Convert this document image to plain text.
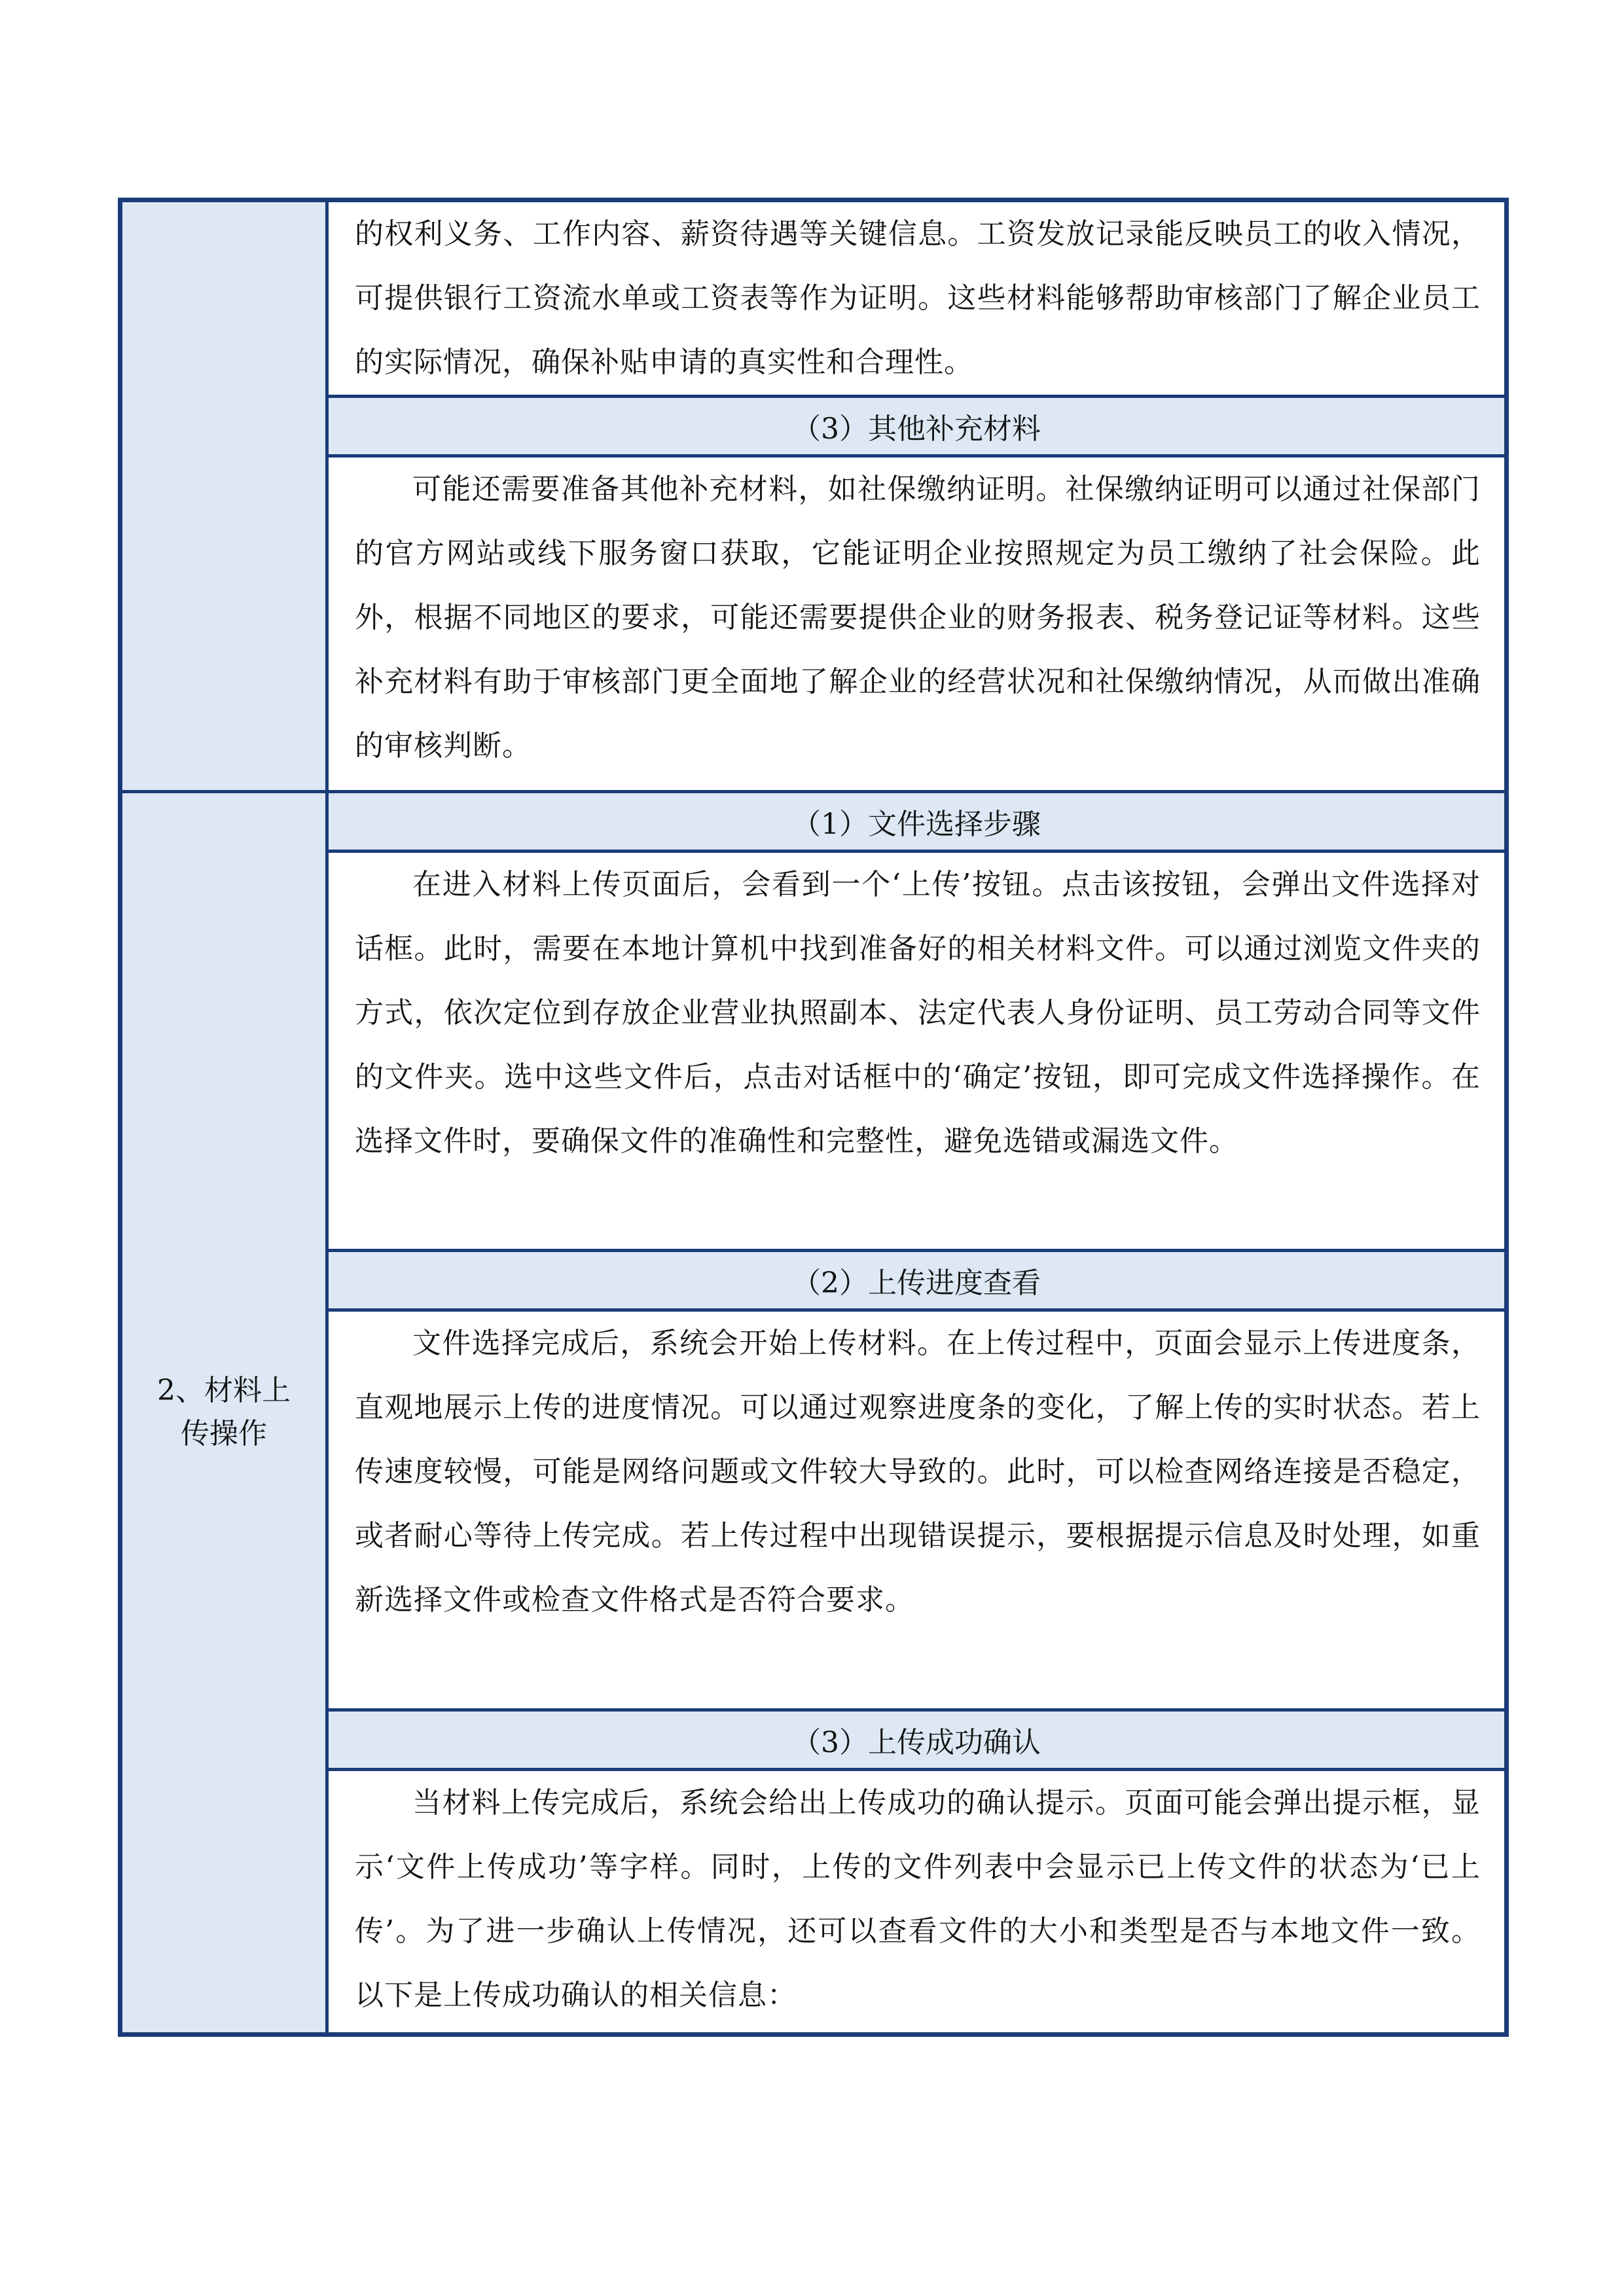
	的权利义务、工作内容、薪资待遇等关键信息。工资发放记录能反映员工的收入情况，可提供银行工资流水单或工资表等作为证明。这些材料能够帮助审核部门了解企业员工的实际情况，确保补贴申请的真实性和合理性。
	（3）其他补充材料
	可能还需要准备其他补充材料，如社保缴纳证明。社保缴纳证明可以通过社保部门的官方网站或线下服务窗口获取，它能证明企业按照规定为员工缴纳了社会保险。此外，根据不同地区的要求，可能还需要提供企业的财务报表、税务登记证等材料。这些补充材料有助于审核部门更全面地了解企业的经营状况和社保缴纳情况，从而做出准确的审核判断。
2、材料上传操作	（1）文件选择步骤
	在进入材料上传页面后，会看到一个‘上传’按钮。点击该按钮，会弹出文件选择对话框。此时，需要在本地计算机中找到准备好的相关材料文件。可以通过浏览文件夹的方式，依次定位到存放企业营业执照副本、法定代表人身份证明、员工劳动合同等文件的文件夹。选中这些文件后，点击对话框中的‘确定’按钮，即可完成文件选择操作。在选择文件时，要确保文件的准确性和完整性，避免选错或漏选文件。
	（2）上传进度查看
	文件选择完成后，系统会开始上传材料。在上传过程中，页面会显示上传进度条，直观地展示上传的进度情况。可以通过观察进度条的变化，了解上传的实时状态。若上传速度较慢，可能是网络问题或文件较大导致的。此时，可以检查网络连接是否稳定，或者耐心等待上传完成。若上传过程中出现错误提示，要根据提示信息及时处理，如重新选择文件或检查文件格式是否符合要求。
	（3）上传成功确认
	当材料上传完成后，系统会给出上传成功的确认提示。页面可能会弹出提示框，显示‘文件上传成功’等字样。同时，上传的文件列表中会显示已上传文件的状态为‘已上传’。为了进一步确认上传情况，还可以查看文件的大小和类型是否与本地文件一致。以下是上传成功确认的相关信息：
